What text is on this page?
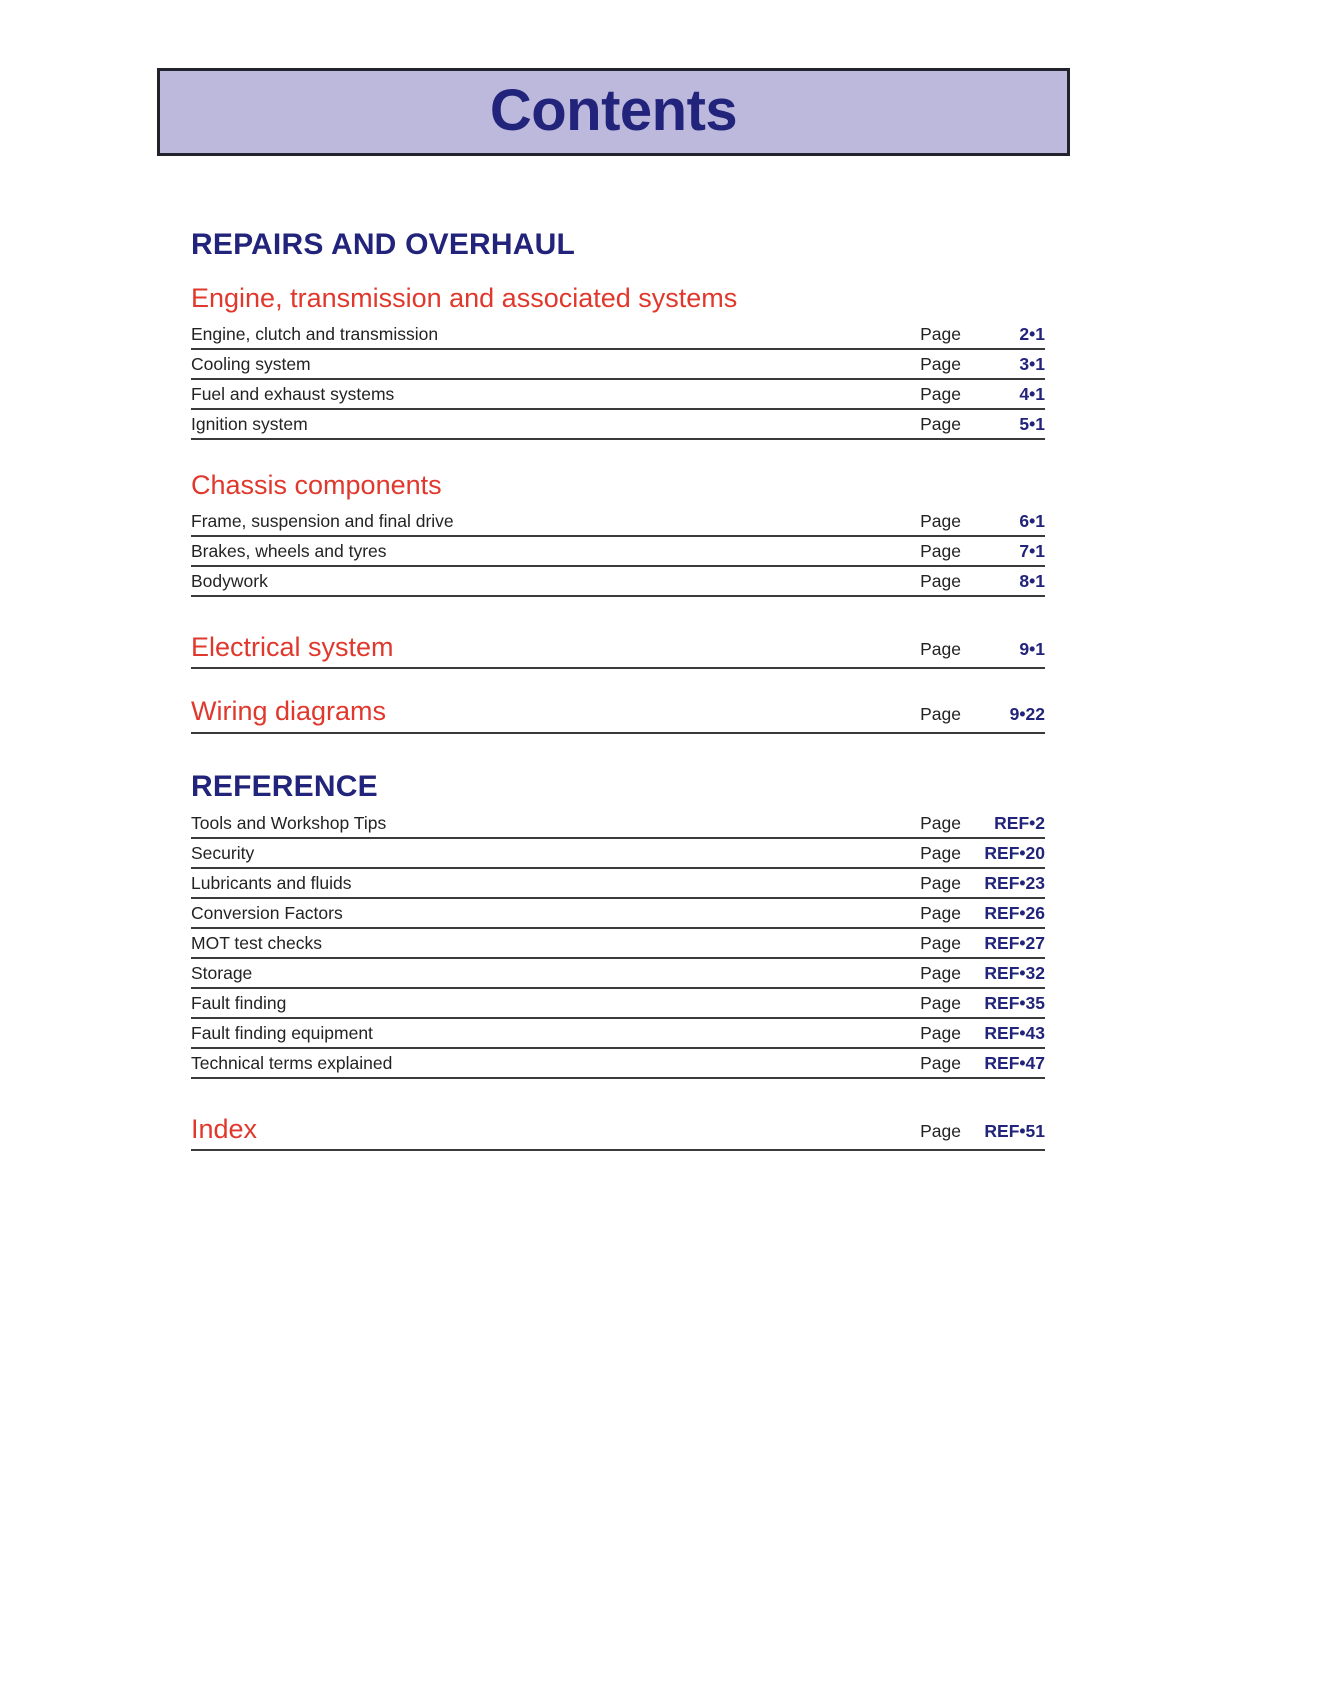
Contents
REPAIRS AND OVERHAUL
Engine, transmission and associated systems
Engine, clutch and transmission	Page	2•1
Cooling system	Page	3•1
Fuel and exhaust systems	Page	4•1
Ignition system	Page	5•1
Chassis components
Frame, suspension and final drive	Page	6•1
Brakes, wheels and tyres	Page	7•1
Bodywork	Page	8•1
Electrical system	Page	9•1
Wiring diagrams	Page	9•22
REFERENCE
Tools and Workshop Tips	Page	REF•2
Security	Page	REF•20
Lubricants and fluids	Page	REF•23
Conversion Factors	Page	REF•26
MOT test checks	Page	REF•27
Storage	Page	REF•32
Fault finding	Page	REF•35
Fault finding equipment	Page	REF•43
Technical terms explained	Page	REF•47
Index	Page	REF•51
